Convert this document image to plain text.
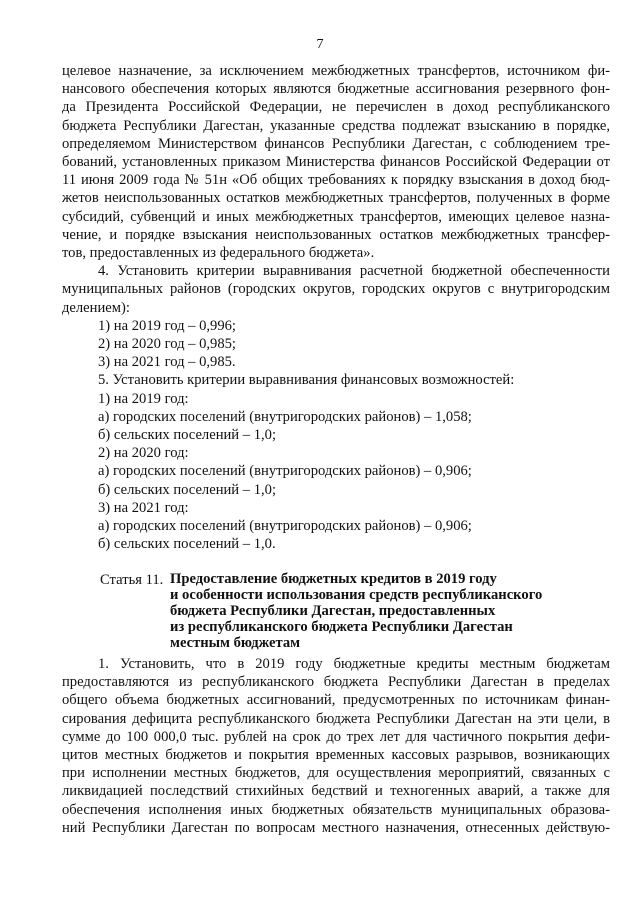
7
целевое назначение, за исключением межбюджетных трансфертов, источником фи-
нансового обеспечения которых являются бюджетные ассигнования резервного фон-
да Президента Российской Федерации, не перечислен в доход республиканского
бюджета Республики Дагестан, указанные средства подлежат взысканию в порядке,
определяемом Министерством финансов Республики Дагестан, с соблюдением тре-
бований, установленных приказом Министерства финансов Российской Федерации от
11 июня 2009 года № 51н «Об общих требованиях к порядку взыскания в доход бюд-
жетов неиспользованных остатков межбюджетных трансфертов, полученных в форме
субсидий, субвенций и иных межбюджетных трансфертов, имеющих целевое назна-
чение, и порядке взыскания неиспользованных остатков межбюджетных трансфер-
тов, предоставленных из федерального бюджета».
4. Установить критерии выравнивания расчетной бюджетной обеспеченности
муниципальных районов (городских округов, городских округов с внутригородским
делением):
1) на 2019 год – 0,996;
2) на 2020 год – 0,985;
3) на 2021 год – 0,985.
5. Установить критерии выравнивания финансовых возможностей:
1) на 2019 год:
а) городских поселений (внутригородских районов) – 1,058;
б) сельских поселений – 1,0;
2) на 2020 год:
а) городских поселений (внутригородских районов) – 0,906;
б) сельских поселений – 1,0;
3) на 2021 год:
а) городских поселений (внутригородских районов) – 0,906;
б) сельских поселений – 1,0.
Статья 11. Предоставление бюджетных кредитов в 2019 году
и особенности использования средств республиканского
бюджета Республики Дагестан, предоставленных
из республиканского бюджета Республики Дагестан
местным бюджетам
1. Установить, что в 2019 году бюджетные кредиты местным бюджетам
предоставляются из республиканского бюджета Республики Дагестан в пределах
общего объема бюджетных ассигнований, предусмотренных по источникам финан-
сирования дефицита республиканского бюджета Республики Дагестан на эти цели, в
сумме до 100 000,0 тыс. рублей на срок до трех лет для частичного покрытия дефи-
цитов местных бюджетов и покрытия временных кассовых разрывов, возникающих
при исполнении местных бюджетов, для осуществления мероприятий, связанных с
ликвидацией последствий стихийных бедствий и техногенных аварий, а также для
обеспечения исполнения иных бюджетных обязательств муниципальных образова-
ний Республики Дагестан по вопросам местного назначения, отнесенных действую-
